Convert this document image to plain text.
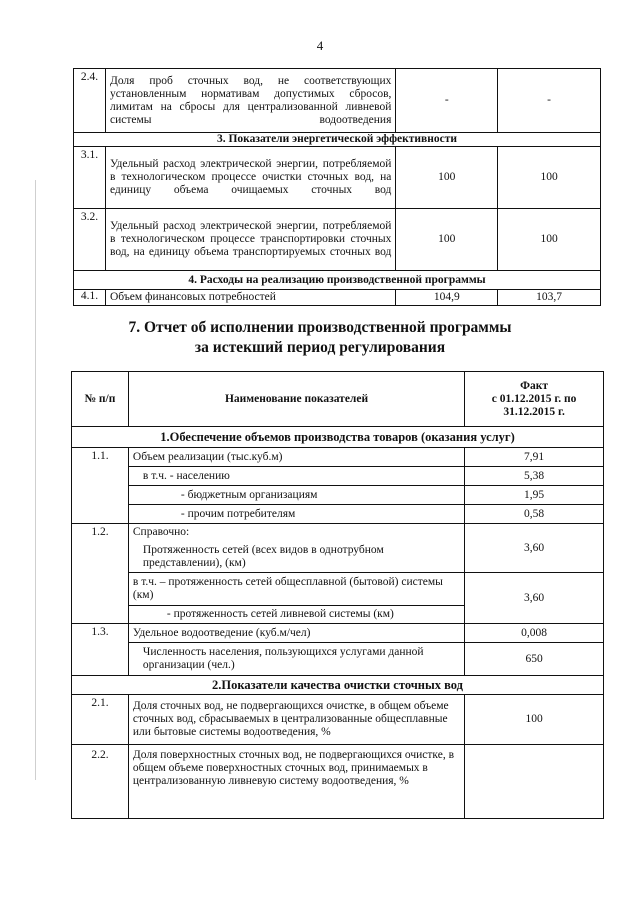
4
2.4.	Доля проб сточных вод, не соответствующих установленным нормативам допустимых сбросов, лимитам на сбросы для централизованной ливневой системы водоотведения	-	-
3. Показатели энергетической эффективности			
3.1.	Удельный расход электрической энергии, потребляемой в технологическом процессе очистки сточных вод, на единицу объема очищаемых сточных вод	100	100
3.2.	Удельный расход электрической энергии, потребляемой в технологическом процессе транспортировки сточных вод, на единицу объема транспортируемых сточных вод	100	100
4. Расходы на реализацию производственной программы			
4.1.	Объем финансовых потребностей	104,9	103,7
7. Отчет об исполнении производственной программы
за истекший период регулирования
№ п/п	Наименование показателей	Факт
с 01.12.2015 г. по
31.12.2015 г.

1.Обеспечение объемов производства товаров (оказания услуг)		
1.1.	Объем реализации (тыс.куб.м)	7,91
	в т.ч. - населению	5,38
	- бюджетным организациям	1,95
	- прочим потребителям	0,58
1.2.	Справочно:
Протяженность сетей (всех видов в однотрубном представлении), (км)	3,60
	в т.ч. – протяженность сетей общесплавной (бытовой) системы (км)	3,60
	- протяженность сетей ливневой системы (км)	
1.3.	Удельное водоотведение (куб.м/чел)	0,008
	Численность населения, пользующихся услугами данной организации (чел.)	650
2.Показатели качества очистки сточных вод		
2.1.	Доля сточных вод, не подвергающихся очистке, в общем объеме сточных вод, сбрасываемых в централизованные общесплавные или бытовые системы водоотведения, %	100
2.2.	Доля поверхностных сточных вод, не подвергающихся очистке, в общем объеме поверхностных сточных вод, принимаемых в централизованную ливневую систему водоотведения, %	
